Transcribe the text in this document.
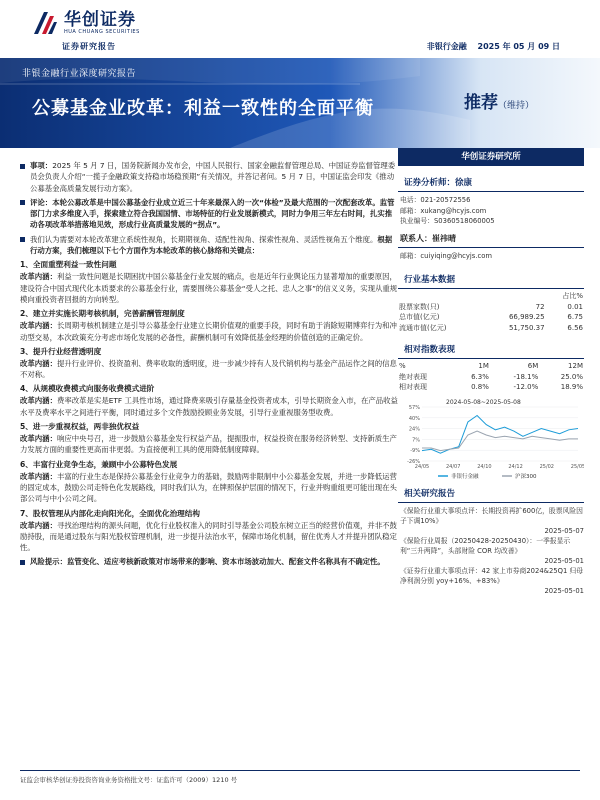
华创证券
HUA CHUANG SECURITIES
证券研究报告	非银行金融 2025 年 05 月 09 日
非银金融行业深度研究报告
公募基金业改革：利益一致性的全面平衡	推荐（维持）
事项：2025 年 5 月 7 日，国务院新闻办发布会，中国人民银行、国家金融监督管理总局、中国证券监督管理委员会负责人介绍“一揽子金融政策支持稳市场稳预期”有关情况，并答记者问。5 月 7 日，中国证监会印发《推动公募基金高质量发展行动方案》。
评论：本轮公募改革是中国公募基金行业成立近三十年来最深入的一次“体检”及最大范围的一次配套改革。监管部门力求多维度入手，探索建立符合我国国情、市场特征的行业发展新模式，同时力争用三年左右时间，扎实推动各项改革举措落地见效，形成行业高质量发展的“拐点”。
我们认为需要对本轮改革建立系统性视角，长期期视角、适配性视角、探索性视角、灵活性视角五个维度。根据行动方案，我们梳理以下七个方面作为本轮改革的核心脉络和关键点：
1、全面重塑利益一致性问题
改革内涵：利益一致性问题是长期困扰中国公募基金行业发展的痛点，也是近年行业舆论压力显著增加的重要原因，建设符合中国式现代化本质要求的公募基金行业，需要围绕公募基金“受人之托、忠人之事”的信义义务，实现从重规模向重投资者回报的方向转型。
2、建立并实施长期考核机制，完善薪酬管理制度
改革内涵：长周期考核机制建立是引导公募基金行业建立长期价值观的重要手段，同时有助于消除短期博弈行为和冲动型交易，本次政策充分考虑市场化发展的必备性，薪酬机制可有效降低基金经理的价值创造的正确定价。
3、提升行业经营透明度
改革内涵：提升行业评价、投资盈利、费率收取的透明度，进一步减少持有人及代销机构与基金产品运作之间的信息不对称。
4、从规模收费模式向服务收费模式进阶
改革内涵：费率改革是实是ETF 工具性市场，通过降费来吸引存量基金投资者成本，引导长期资金入市，在产品收益水平及费率水平之间进行平衡，同时通过多个文件鼓励投顾业务发展，引导行业重视服务型收费。
5、进一步重视权益，两非独优权益
改革内涵：响应中央号召，进一步鼓励公募基金发行权益产品，提振股市，权益投资在服务经济转型、支持新质生产力发展方面的重要性更高而非更弱。为直接便利工具的使用降低制度障碍。
6、丰富行业竞争生态，兼顾中小公募特色发展
改革内涵：丰富的行业生态是保持公募基金行业竞争力的基础，鼓励两非限制中小公募基金发展，并进一步降低运营的固定成本，鼓励公司走特色化发展路线，同时我们认为，在牌照保护层面的情况下，行业并购重组更可能出现在头部公司与中小公司之间。
7、股权管理从内部化走向阳光化，全面优化治理结构
改革内涵：寻找治理结构的源头问题，优化行业股权准入的同时引导基金公司股东树立正当的经营价值观，并非不鼓励持股，而是通过股东与阳光股权管理机制，进一步提升法治水平，保障市场化机制，留住优秀人才并提升团队稳定性。
风险提示：监管变化、适应考核新政策对市场带来的影响、资本市场波动加大、配套文件名称具有不确定性。
华创证券研究所
证券分析师：徐康
电话：021-20572556
邮箱：xukang@hcyjs.com
执业编号：S0360518060005
联系人：崔祎晴
邮箱：cuiyiqing@hcyjs.com
行业基本数据
		占比%
股票家数(只)	72	0.01
总市值(亿元)	66,989.25	6.75
流通市值(亿元)	51,750.37	6.56
相对指数表现
%	1M	6M	12M
绝对表现	6.3%	-18.1%	25.0%
相对表现	0.8%	-12.0%	18.9%
2024-05-08~2025-05-08
57%
40%
24%
7%
-9%
-26%
24/05	24/07	24/10	24/12	25/02	25/05
非银行金融	沪深300
相关研究报告
《保险行业重大事项点评：长期投资再扩600亿，股票风险因子下调10%》
2025-05-07
《保险行业周报（20250428-20250430）：一季报显示利“三升两降”，头部财险 COR 均改善》
2025-05-01
《证券行业重大事项点评：42 家上市券商2024&25Q1 归母净利润分别 yoy+16%、+83%》
2025-05-01
证监会审核华创证券投资咨询业务资格批文号：证监许可（2009）1210 号
